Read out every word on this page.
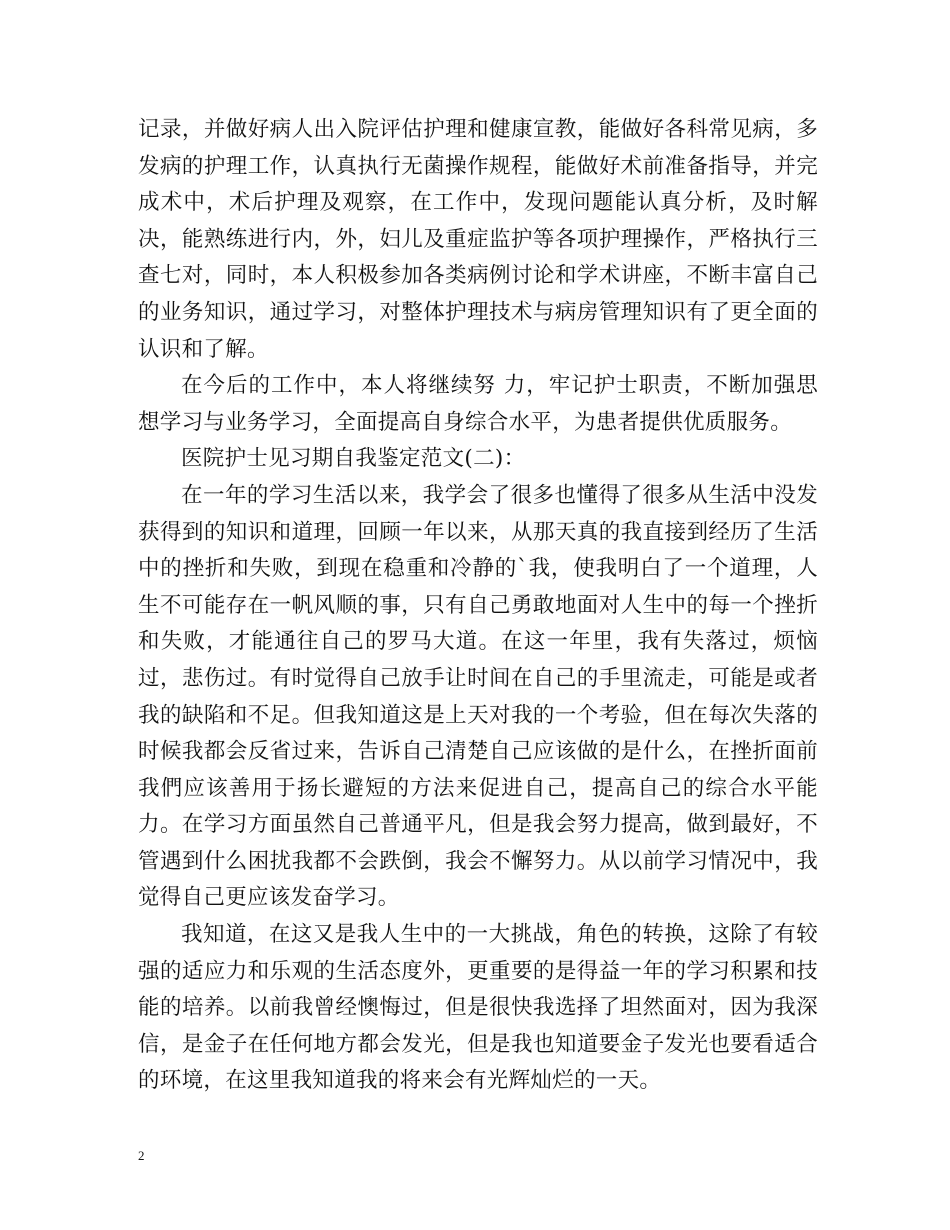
记录，并做好病人出入院评估护理和健康宣教，能做好各科常见病，多发病的护理工作，认真执行无菌操作规程，能做好术前准备指导，并完成术中，术后护理及观察，在工作中，发现问题能认真分析，及时解决，能熟练进行内，外，妇儿及重症监护等各项护理操作，严格执行三查七对，同时，本人积极参加各类病例讨论和学术讲座，不断丰富自己的业务知识，通过学习，对整体护理技术与病房管理知识有了更全面的认识和了解。

在今后的工作中，本人将继续努 力，牢记护士职责，不断加强思想学习与业务学习，全面提高自身综合水平，为患者提供优质服务。

医院护士见习期自我鉴定范文(二)：

在一年的学习生活以来，我学会了很多也懂得了很多从生活中没发获得到的知识和道理，回顾一年以来，从那天真的我直接到经历了生活中的挫折和失败，到现在稳重和冷静的`我，使我明白了一个道理，人生不可能存在一帆风顺的事，只有自己勇敢地面对人生中的每一个挫折和失败，才能通往自己的罗马大道。在这一年里，我有失落过，烦恼过，悲伤过。有时觉得自己放手让时间在自己的手里流走，可能是或者我的缺陷和不足。但我知道这是上天对我的一个考验，但在每次失落的时候我都会反省过来，告诉自己清楚自己应该做的是什么，在挫折面前我們应该善用于扬长避短的方法来促进自己，提高自己的综合水平能力。在学习方面虽然自己普通平凡，但是我会努力提高，做到最好，不管遇到什么困扰我都不会跌倒，我会不懈努力。从以前学习情况中，我觉得自己更应该发奋学习。

我知道，在这又是我人生中的一大挑战，角色的转换，这除了有较强的适应力和乐观的生活态度外，更重要的是得益一年的学习积累和技能的培养。以前我曾经懊悔过，但是很快我选择了坦然面对，因为我深信，是金子在任何地方都会发光，但是我也知道要金子发光也要看适合的环境，在这里我知道我的将来会有光辉灿烂的一天。

2
